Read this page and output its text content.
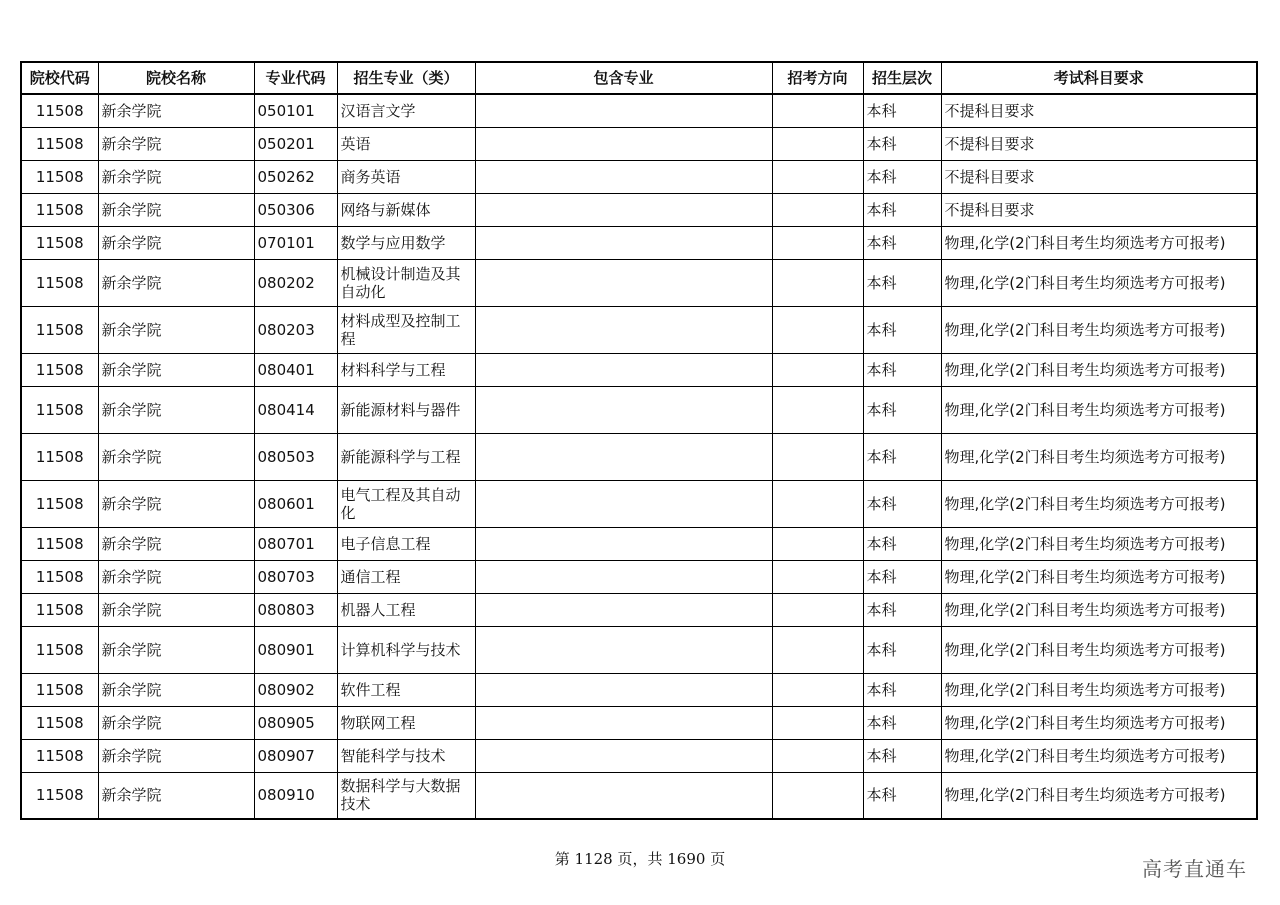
院校代码	院校名称	专业代码	招生专业（类）	包含专业	招考方向	招生层次	考试科目要求
11508	新余学院	050101	汉语言文学			本科	不提科目要求
11508	新余学院	050201	英语			本科	不提科目要求
11508	新余学院	050262	商务英语			本科	不提科目要求
11508	新余学院	050306	网络与新媒体			本科	不提科目要求
11508	新余学院	070101	数学与应用数学			本科	物理,化学(2门科目考生均须选考方可报考)
11508	新余学院	080202	机械设计制造及其自动化			本科	物理,化学(2门科目考生均须选考方可报考)
11508	新余学院	080203	材料成型及控制工程			本科	物理,化学(2门科目考生均须选考方可报考)
11508	新余学院	080401	材料科学与工程			本科	物理,化学(2门科目考生均须选考方可报考)
11508	新余学院	080414	新能源材料与器件			本科	物理,化学(2门科目考生均须选考方可报考)
11508	新余学院	080503	新能源科学与工程			本科	物理,化学(2门科目考生均须选考方可报考)
11508	新余学院	080601	电气工程及其自动化			本科	物理,化学(2门科目考生均须选考方可报考)
11508	新余学院	080701	电子信息工程			本科	物理,化学(2门科目考生均须选考方可报考)
11508	新余学院	080703	通信工程			本科	物理,化学(2门科目考生均须选考方可报考)
11508	新余学院	080803	机器人工程			本科	物理,化学(2门科目考生均须选考方可报考)
11508	新余学院	080901	计算机科学与技术			本科	物理,化学(2门科目考生均须选考方可报考)
11508	新余学院	080902	软件工程			本科	物理,化学(2门科目考生均须选考方可报考)
11508	新余学院	080905	物联网工程			本科	物理,化学(2门科目考生均须选考方可报考)
11508	新余学院	080907	智能科学与技术			本科	物理,化学(2门科目考生均须选考方可报考)
11508	新余学院	080910	数据科学与大数据技术			本科	物理,化学(2门科目考生均须选考方可报考)
第 1128 页，共 1690 页	高考直通车
